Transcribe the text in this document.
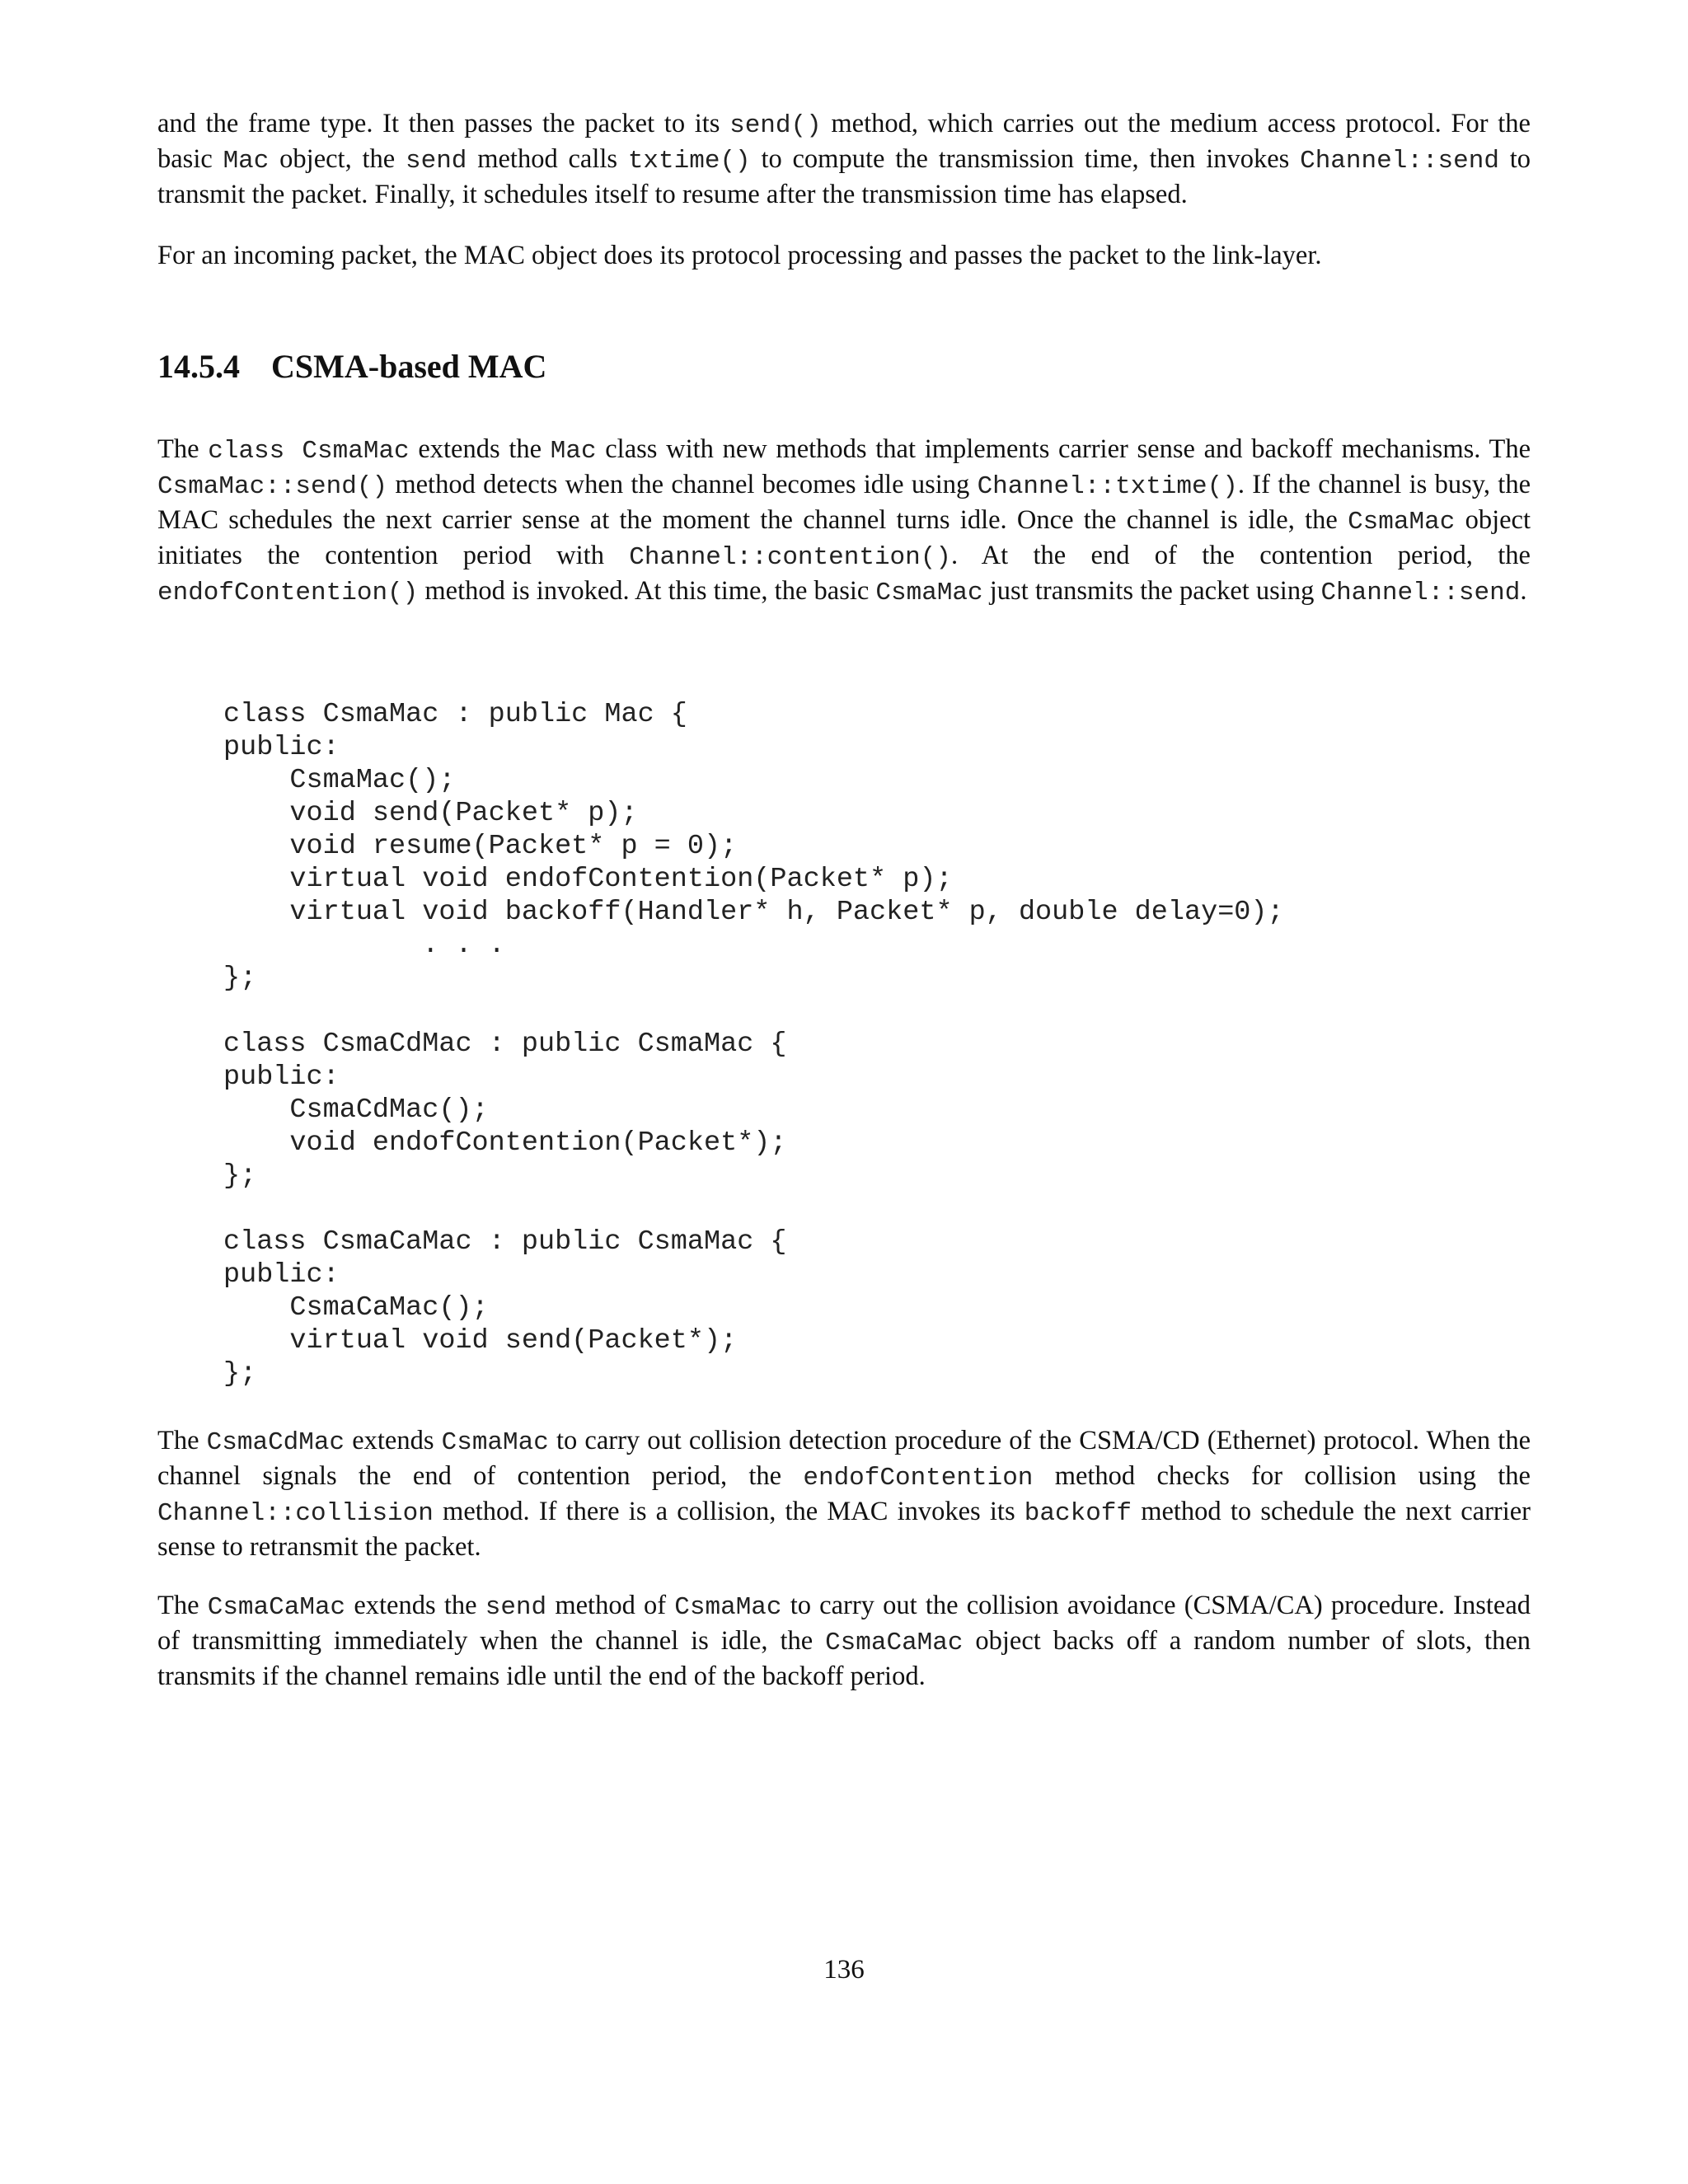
and the frame type. It then passes the packet to its send() method, which carries out the medium access protocol. For the basic Mac object, the send method calls txtime() to compute the transmission time, then invokes Channel::send to transmit the packet. Finally, it schedules itself to resume after the transmission time has elapsed.

For an incoming packet, the MAC object does its protocol processing and passes the packet to the link-layer.

14.5.4 CSMA-based MAC

The class CsmaMac extends the Mac class with new methods that implements carrier sense and backoff mechanisms. The CsmaMac::send() method detects when the channel becomes idle using Channel::txtime(). If the channel is busy, the MAC schedules the next carrier sense at the moment the channel turns idle. Once the channel is idle, the CsmaMac object initiates the contention period with Channel::contention(). At the end of the contention period, the endofContention() method is invoked. At this time, the basic CsmaMac just transmits the packet using Channel::send.

class CsmaMac : public Mac {
public:
CsmaMac();
void send(Packet* p);
void resume(Packet* p = 0);
virtual void endofContention(Packet* p);
virtual void backoff(Handler* h, Packet* p, double delay=0);
. . .
};
class CsmaCdMac : public CsmaMac {
public:
CsmaCdMac();
void endofContention(Packet*);
};
class CsmaCaMac : public CsmaMac {
public:
CsmaCaMac();
virtual void send(Packet*);
};

The CsmaCdMac extends CsmaMac to carry out collision detection procedure of the CSMA/CD (Ethernet) protocol. When the channel signals the end of contention period, the endofContention method checks for collision using the Channel::collision method. If there is a collision, the MAC invokes its backoff method to schedule the next carrier sense to retransmit the packet.

The CsmaCaMac extends the send method of CsmaMac to carry out the collision avoidance (CSMA/CA) procedure. Instead of transmitting immediately when the channel is idle, the CsmaCaMac object backs off a random number of slots, then transmits if the channel remains idle until the end of the backoff period.

136
